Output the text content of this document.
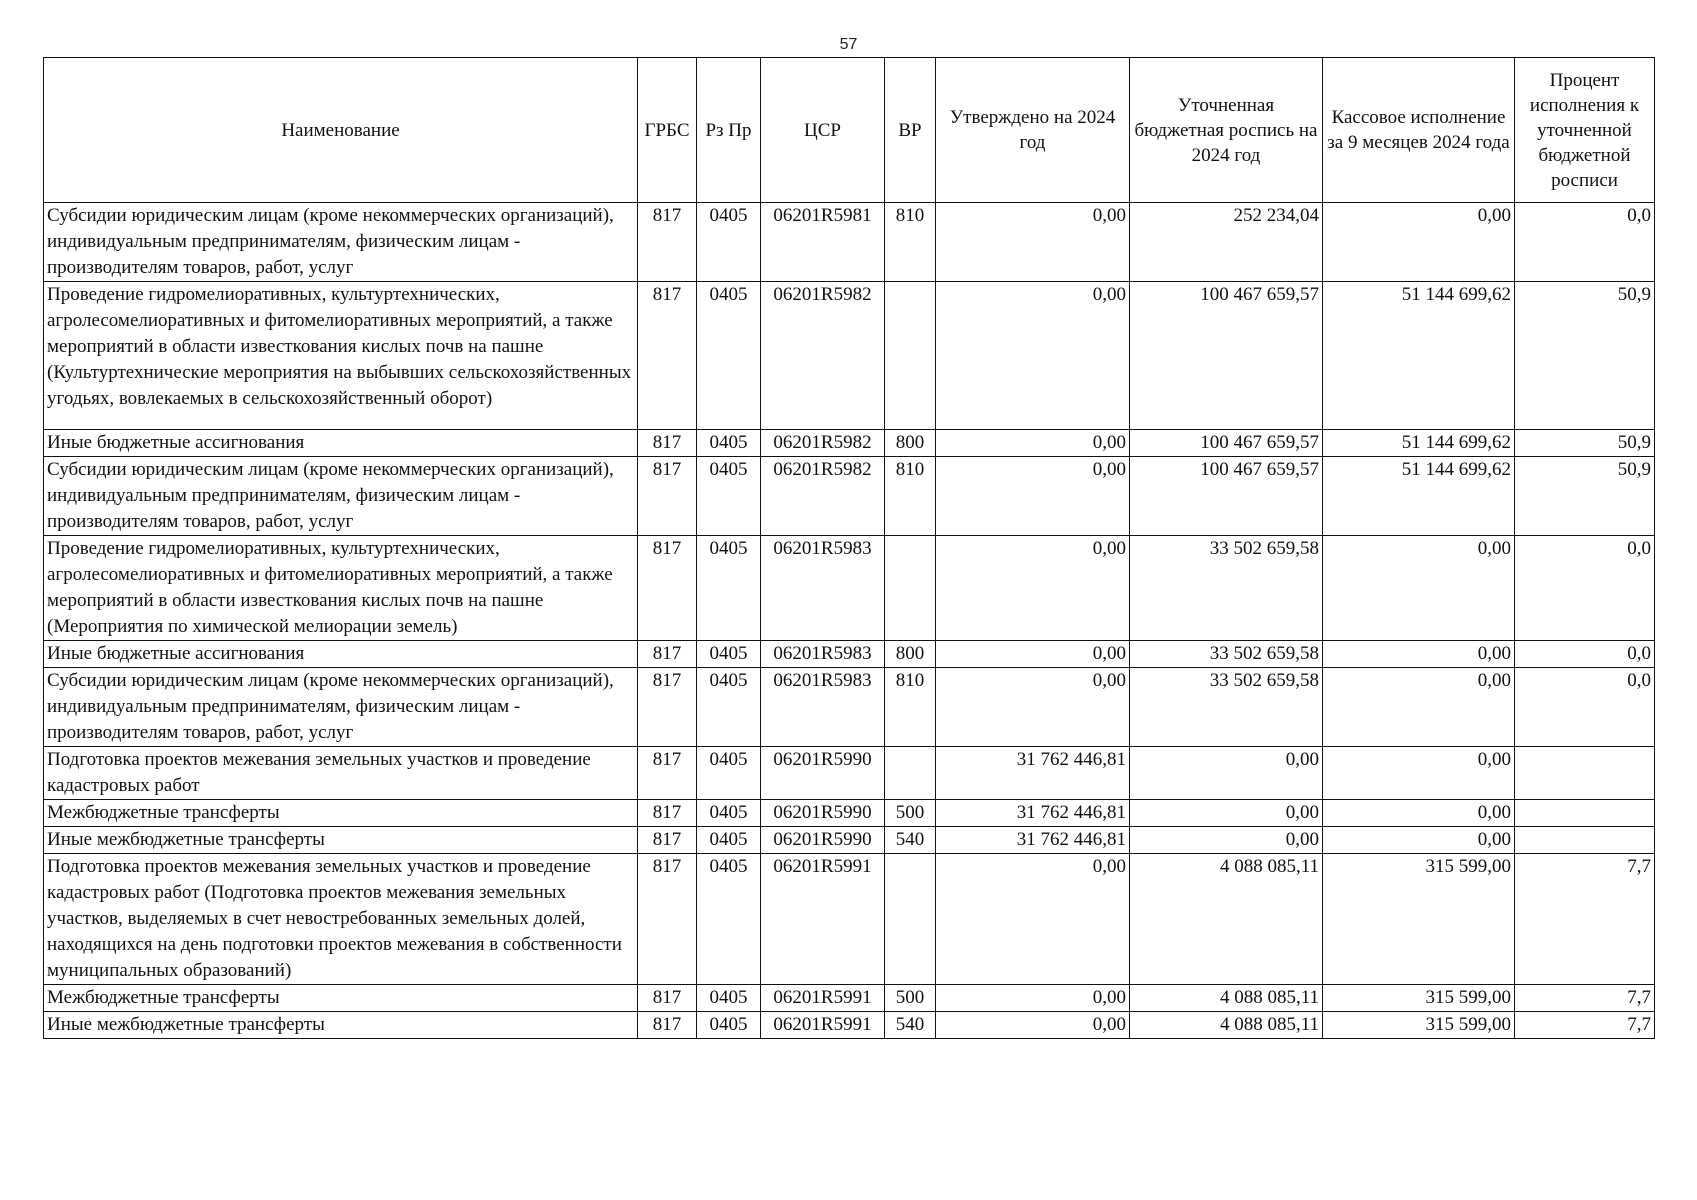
57
Наименование	ГРБС	Рз Пр	ЦСР	ВР	Утверждено на 2024 год	Уточненная бюджетная роспись на 2024 год	Кассовое исполнение за 9 месяцев 2024 года	Процент исполнения к уточненной бюджетной росписи
Субсидии юридическим лицам (кроме некоммерческих организаций), индивидуальным предпринимателям, физическим лицам - производителям товаров, работ, услуг	817	0405	06201R5981	810	0,00	252 234,04	0,00	0,0
Проведение гидромелиоративных, культуртехнических, агролесомелиоративных и фитомелиоративных мероприятий, а также мероприятий в области известкования кислых почв на пашне (Культуртехнические мероприятия на выбывших сельскохозяйственных угодьях, вовлекаемых в сельскохозяйственный оборот)	817	0405	06201R5982		0,00	100 467 659,57	51 144 699,62	50,9
Иные бюджетные ассигнования	817	0405	06201R5982	800	0,00	100 467 659,57	51 144 699,62	50,9
Субсидии юридическим лицам (кроме некоммерческих организаций), индивидуальным предпринимателям, физическим лицам - производителям товаров, работ, услуг	817	0405	06201R5982	810	0,00	100 467 659,57	51 144 699,62	50,9
Проведение гидромелиоративных, культуртехнических, агролесомелиоративных и фитомелиоративных мероприятий, а также мероприятий в области известкования кислых почв на пашне (Мероприятия по химической мелиорации земель)	817	0405	06201R5983		0,00	33 502 659,58	0,00	0,0
Иные бюджетные ассигнования	817	0405	06201R5983	800	0,00	33 502 659,58	0,00	0,0
Субсидии юридическим лицам (кроме некоммерческих организаций), индивидуальным предпринимателям, физическим лицам - производителям товаров, работ, услуг	817	0405	06201R5983	810	0,00	33 502 659,58	0,00	0,0
Подготовка проектов межевания земельных участков и проведение кадастровых работ	817	0405	06201R5990		31 762 446,81	0,00	0,00	
Межбюджетные трансферты	817	0405	06201R5990	500	31 762 446,81	0,00	0,00	
Иные межбюджетные трансферты	817	0405	06201R5990	540	31 762 446,81	0,00	0,00	
Подготовка проектов межевания земельных участков и проведение кадастровых работ (Подготовка проектов межевания земельных участков, выделяемых в счет невостребованных земельных долей, находящихся на день подготовки проектов межевания в собственности муниципальных образований)	817	0405	06201R5991		0,00	4 088 085,11	315 599,00	7,7
Межбюджетные трансферты	817	0405	06201R5991	500	0,00	4 088 085,11	315 599,00	7,7
Иные межбюджетные трансферты	817	0405	06201R5991	540	0,00	4 088 085,11	315 599,00	7,7
